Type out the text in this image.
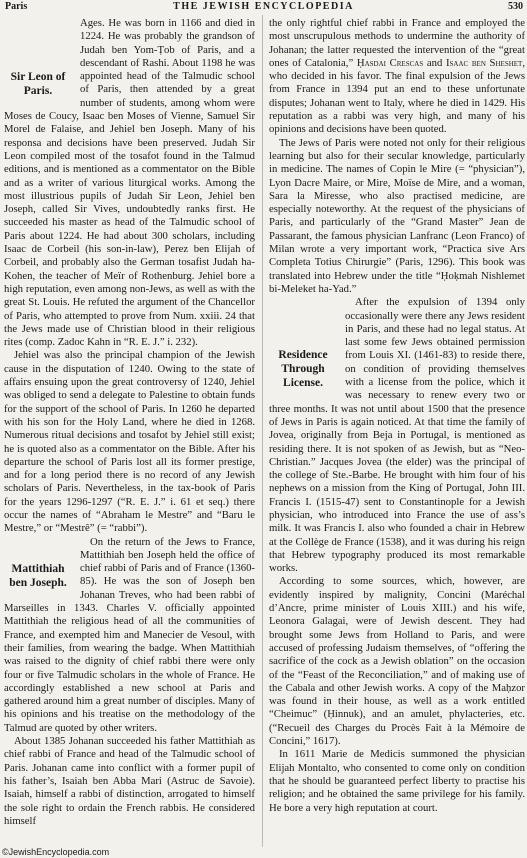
Paris	THE JEWISH ENCYCLOPEDIA	530
Sir Leon of Paris.

Ages. He was born in 1166 and died in 1224. He was probably the grandson of Judah ben Yom-Ṭob of Paris, and a descendant of Rashi. About 1198 he was appointed head of the Talmudic school of Paris, then attended by a great number of students, among whom were Moses de Coucy, Isaac ben Moses of Vienne, Samuel Sir Morel de Falaise, and Jehiel ben Joseph. Many of his responsa and decisions have been preserved. Judah Sir Leon compiled most of the tosafot found in the Talmud editions, and is mentioned as a commentator on the Bible and as a writer of various liturgical works. Among the most illustrious pupils of Judah Sir Leon, Jehiel ben Joseph, called Sir Vives, undoubtedly ranks first. He succeeded his master as head of the Talmudic school of Paris about 1224. He had about 300 scholars, including Isaac de Corbeil (his son-in-law), Perez ben Elijah of Corbeil, and probably also the German tosafist Judah ha-Kohen, the teacher of Meïr of Rothenburg. Jehiel bore a high reputation, even among non-Jews, as well as with the great St. Louis. He refuted the argument of the Chancellor of Paris, who attempted to prove from Num. xxiii. 24 that the Jews made use of Christian blood in their religious rites (comp. Zadoc Kahn in “R. E. J.” i. 232).

Jehiel was also the principal champion of the Jewish cause in the disputation of 1240. Owing to the state of affairs ensuing upon the great controversy of 1240, Jehiel was obliged to send a delegate to Palestine to obtain funds for the support of the school of Paris. In 1260 he departed with his son for the Holy Land, where he died in 1268. Numerous ritual decisions and tosafot by Jehiel still exist; he is quoted also as a commentator on the Bible. After his departure the school of Paris lost all its former prestige, and for a long period there is no record of any Jewish scholars of Paris. Nevertheless, in the tax-book of Paris for the years 1296-1297 (“R. E. J.” i. 61 et seq.) there occur the names of “Abraham le Mestre” and “Baru le Mestre,” or “Mestrê” (= “rabbi”).

Mattithiah ben Joseph.

On the return of the Jews to France, Mattithiah ben Joseph held the office of chief rabbi of Paris and of France (1360-85). He was the son of Joseph ben Johanan Treves, who had been rabbi of Marseilles in 1343. Charles V. officially appointed Mattithiah the religious head of all the communities of France, and exempted him and Manecier de Vesoul, with their families, from wearing the badge. When Mattithiah was raised to the dignity of chief rabbi there were only four or five Talmudic scholars in the whole of France. He accordingly established a new school at Paris and gathered around him a great number of disciples. Many of his opinions and his treatise on the methodology of the Talmud are quoted by other writers.

About 1385 Johanan succeeded his father Mattithiah as chief rabbi of France and head of the Talmudic school of Paris. Johanan came into conflict with a former pupil of his father’s, Isaiah ben Abba Mari (Astruc de Savoie). Isaiah, himself a rabbi of distinction, arrogated to himself the sole right to ordain the French rabbis. He considered himself

the only rightful chief rabbi in France and employed the most unscrupulous methods to undermine the authority of Johanan; the latter requested the intervention of the “great ones of Catalonia,” Ḥasdai Crescas and Isaac ben Sheshet, who decided in his favor. The final expulsion of the Jews from France in 1394 put an end to these unfortunate disputes; Johanan went to Italy, where he died in 1429. His reputation as a rabbi was very high, and many of his opinions and decisions have been quoted.

The Jews of Paris were noted not only for their religious learning but also for their secular knowledge, particularly in medicine. The names of Copin le Mire (= “physician”), Lyon Dacre Maire, or Mire, Moïse de Mire, and a woman, Sara la Miresse, who also practised medicine, are especially noteworthy. At the request of the physicians of Paris, and particularly of the “Grand Master” Jean de Passarant, the famous physician Lanfranc (Leon Franco) of Milan wrote a very important work, “Practica sive Ars Completa Totius Chirurgie” (Paris, 1296). This book was translated into Hebrew under the title “Ḥoḳmah Nishlemet bi-Meleket ha-Yad.”

Residence Through License.

After the expulsion of 1394 only occasionally were there any Jews resident in Paris, and these had no legal status. At last some few Jews obtained permission from Louis XI. (1461-83) to reside there, on condition of providing themselves with a license from the police, which it was necessary to renew every two or three months. It was not until about 1500 that the presence of Jews in Paris is again noticed. At that time the family of Jovea, originally from Beja in Portugal, is mentioned as residing there. It is not spoken of as Jewish, but as “Neo-Christian.” Jacques Jovea (the elder) was the principal of the college of Ste.-Barbe. He brought with him four of his nephews on a mission from the King of Portugal, John III. Francis I. (1515-47) sent to Constantinople for a Jewish physician, who introduced into France the use of ass’s milk. It was Francis I. also who founded a chair in Hebrew at the Collège de France (1538), and it was during his reign that Hebrew typography produced its most remarkable works.

According to some sources, which, however, are evidently inspired by malignity, Concini (Maréchal d’Ancre, prime minister of Louis XIII.) and his wife, Leonora Galagai, were of Jewish descent. They had brought some Jews from Holland to Paris, and were accused of professing Judaism themselves, of “offering the sacrifice of the cock as a Jewish oblation” on the occasion of the “Feast of the Reconciliation,” and of making use of the Cabala and other Jewish works. A copy of the Maḥzor was found in their house, as well as a work entitled “Cheimuc” (Ḥinnuk), and an amulet, phylacteries, etc. (“Recueil des Charges du Procès Fait à la Mémoire de Concini,” 1617).

In 1611 Marie de Medicis summoned the physician Elijah Montalto, who consented to come only on condition that he should be guaranteed perfect liberty to practise his religion; and he obtained the same privilege for his family. He bore a very high reputation at court.

©JewishEncyclopedia.com
